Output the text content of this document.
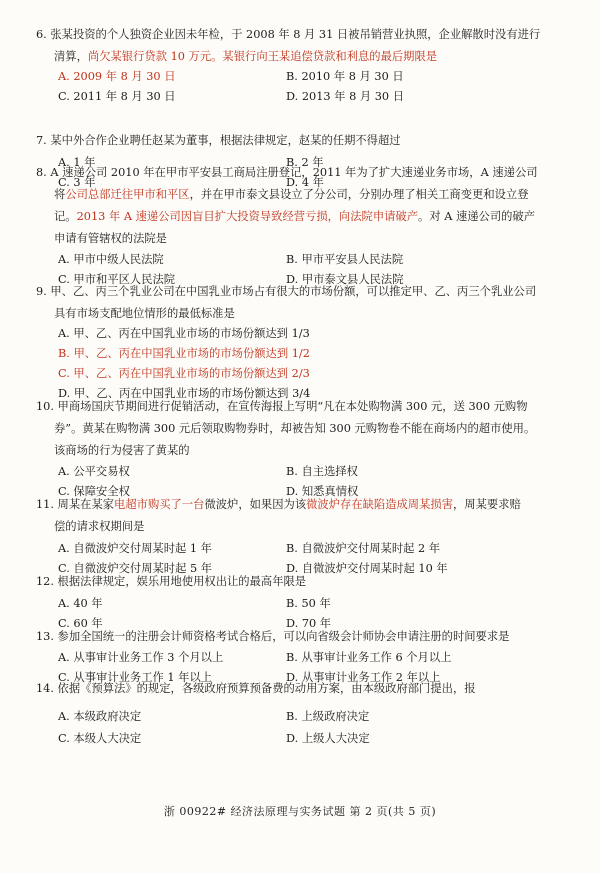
6. 张某投资的个人独资企业因未年检，于 2008 年 8 月 31 日被吊销营业执照，企业解散时没有进行
清算，尚欠某银行贷款 10 万元。某银行向王某追偿贷款和利息的最后期限是
A. 2009 年 8 月 30 日	B. 2010 年 8 月 30 日
C. 2011 年 8 月 30 日	D. 2013 年 8 月 30 日
7. 某中外合作企业聘任赵某为董事，根据法律规定，赵某的任期不得超过
A. 1 年	B. 2 年
C. 3 年	D. 4 年
8. A 速递公司 2010 年在甲市平安县工商局注册登记，2011 年为了扩大速递业务市场，A 速递公司
将公司总部迁往甲市和平区，并在甲市泰文县设立了分公司，分别办理了相关工商变更和设立登
记。2013 年 A 速递公司因盲目扩大投资导致经营亏损，向法院申请破产。对 A 速递公司的破产
申请有管辖权的法院是
A. 甲市中级人民法院	B. 甲市平安县人民法院
C. 甲市和平区人民法院	D. 甲市泰文县人民法院
9. 甲、乙、丙三个乳业公司在中国乳业市场占有很大的市场份额，可以推定甲、乙、丙三个乳业公司
具有市场支配地位情形的最低标准是
A. 甲、乙、丙在中国乳业市场的市场份额达到 1/3
B. 甲、乙、丙在中国乳业市场的市场份额达到 1/2
C. 甲、乙、丙在中国乳业市场的市场份额达到 2/3
D. 甲、乙、丙在中国乳业市场的市场份额达到 3/4
10. 甲商场国庆节期间进行促销活动，在宣传海报上写明“凡在本处购物满 300 元，送 300 元购物
券”。黄某在购物满 300 元后领取购物券时，却被告知 300 元购物卷不能在商场内的超市使用。
该商场的行为侵害了黄某的
A. 公平交易权	B. 自主选择权
C. 保障安全权	D. 知悉真情权
11. 周某在某家电超市购买了一台微波炉，如果因为该微波炉存在缺陷造成周某损害，周某要求赔
偿的请求权期间是
A. 自微波炉交付周某时起 1 年	B. 自微波炉交付周某时起 2 年
C. 自微波炉交付周某时起 5 年	D. 自微波炉交付周某时起 10 年
12. 根据法律规定，娱乐用地使用权出让的最高年限是
A. 40 年	B. 50 年
C. 60 年	D. 70 年
13. 参加全国统一的注册会计师资格考试合格后，可以向省级会计师协会申请注册的时间要求是
A. 从事审计业务工作 3 个月以上	B. 从事审计业务工作 6 个月以上
C. 从事审计业务工作 1 年以上	D. 从事审计业务工作 2 年以上
14. 依据《预算法》的规定，各级政府预算预备费的动用方案，由本级政府部门提出，报
A. 本级政府决定	B. 上级政府决定
C. 本级人大决定	D. 上级人大决定
浙 00922# 经济法原理与实务试题 第 2 页(共 5 页)
